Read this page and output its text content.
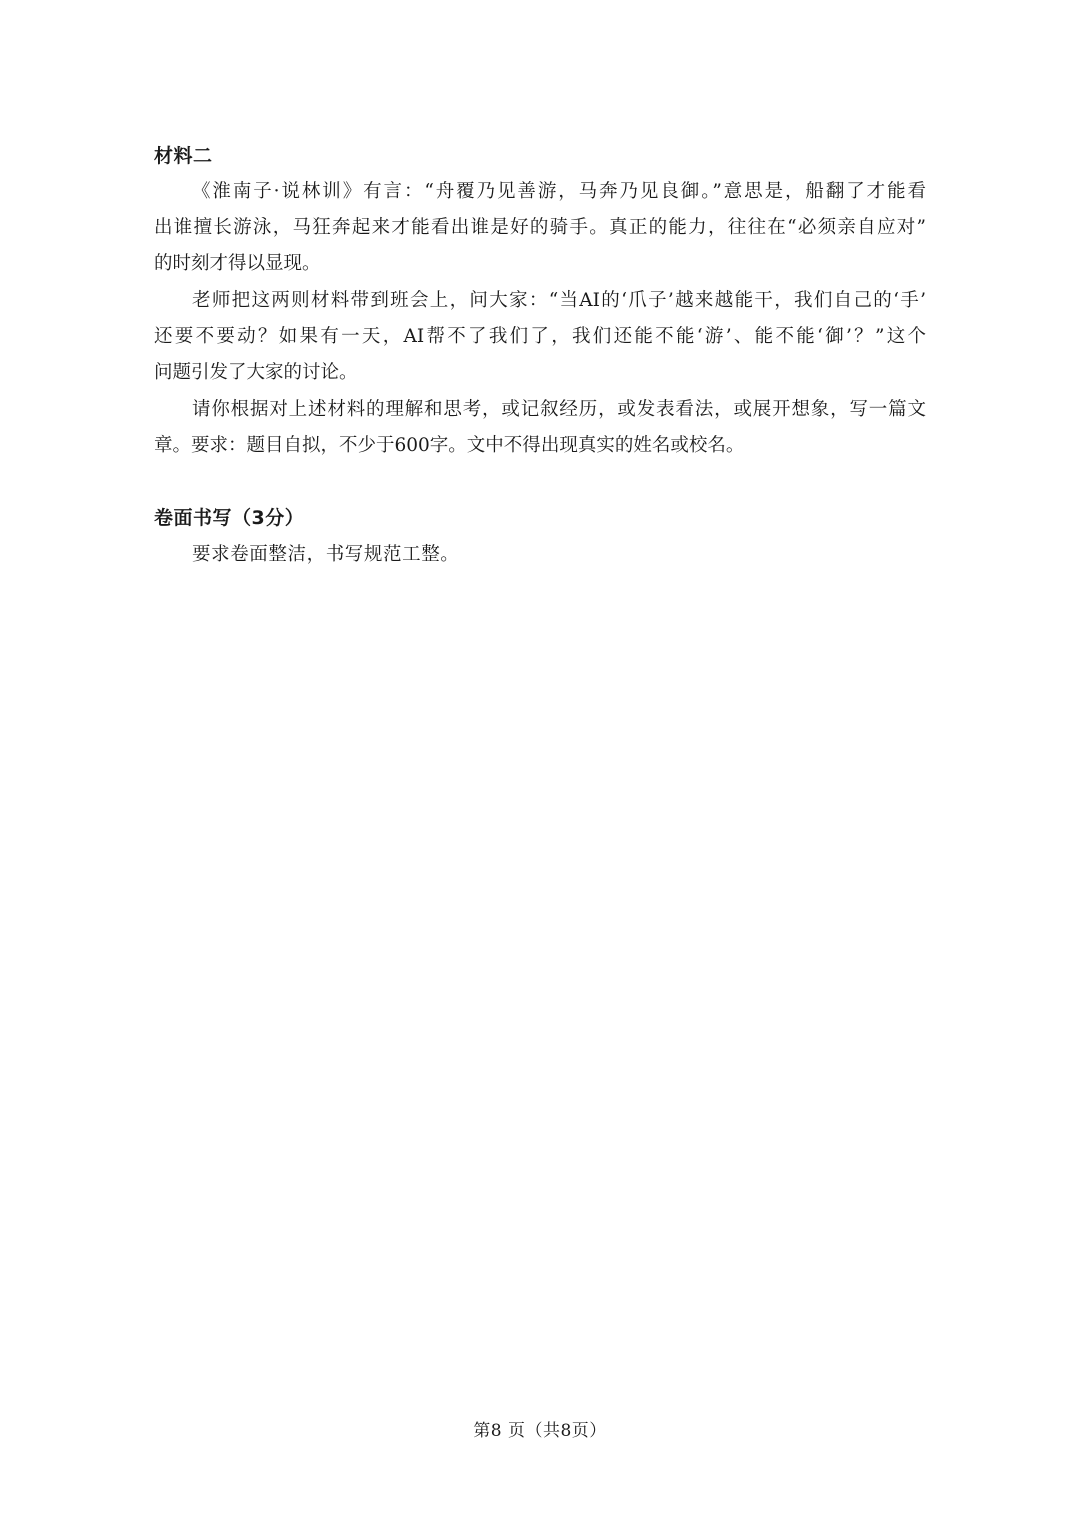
材料二
《淮南子·说林训》有言：“舟覆乃见善游，马奔乃见良御。”意思是，船翻了才能看
出谁擅长游泳，马狂奔起来才能看出谁是好的骑手。真正的能力，往往在“必须亲自应对”
的时刻才得以显现。
老师把这两则材料带到班会上，问大家：“当AI的‘爪子’越来越能干，我们自己的‘手’
还要不要动？如果有一天，AI帮不了我们了，我们还能不能‘游’、能不能‘御’？”这个
问题引发了大家的讨论。
请你根据对上述材料的理解和思考，或记叙经历，或发表看法，或展开想象，写一篇文
章。要求：题目自拟，不少于600字。文中不得出现真实的姓名或校名。
卷面书写（3分）
要求卷面整洁，书写规范工整。
第8 页（共8页）
